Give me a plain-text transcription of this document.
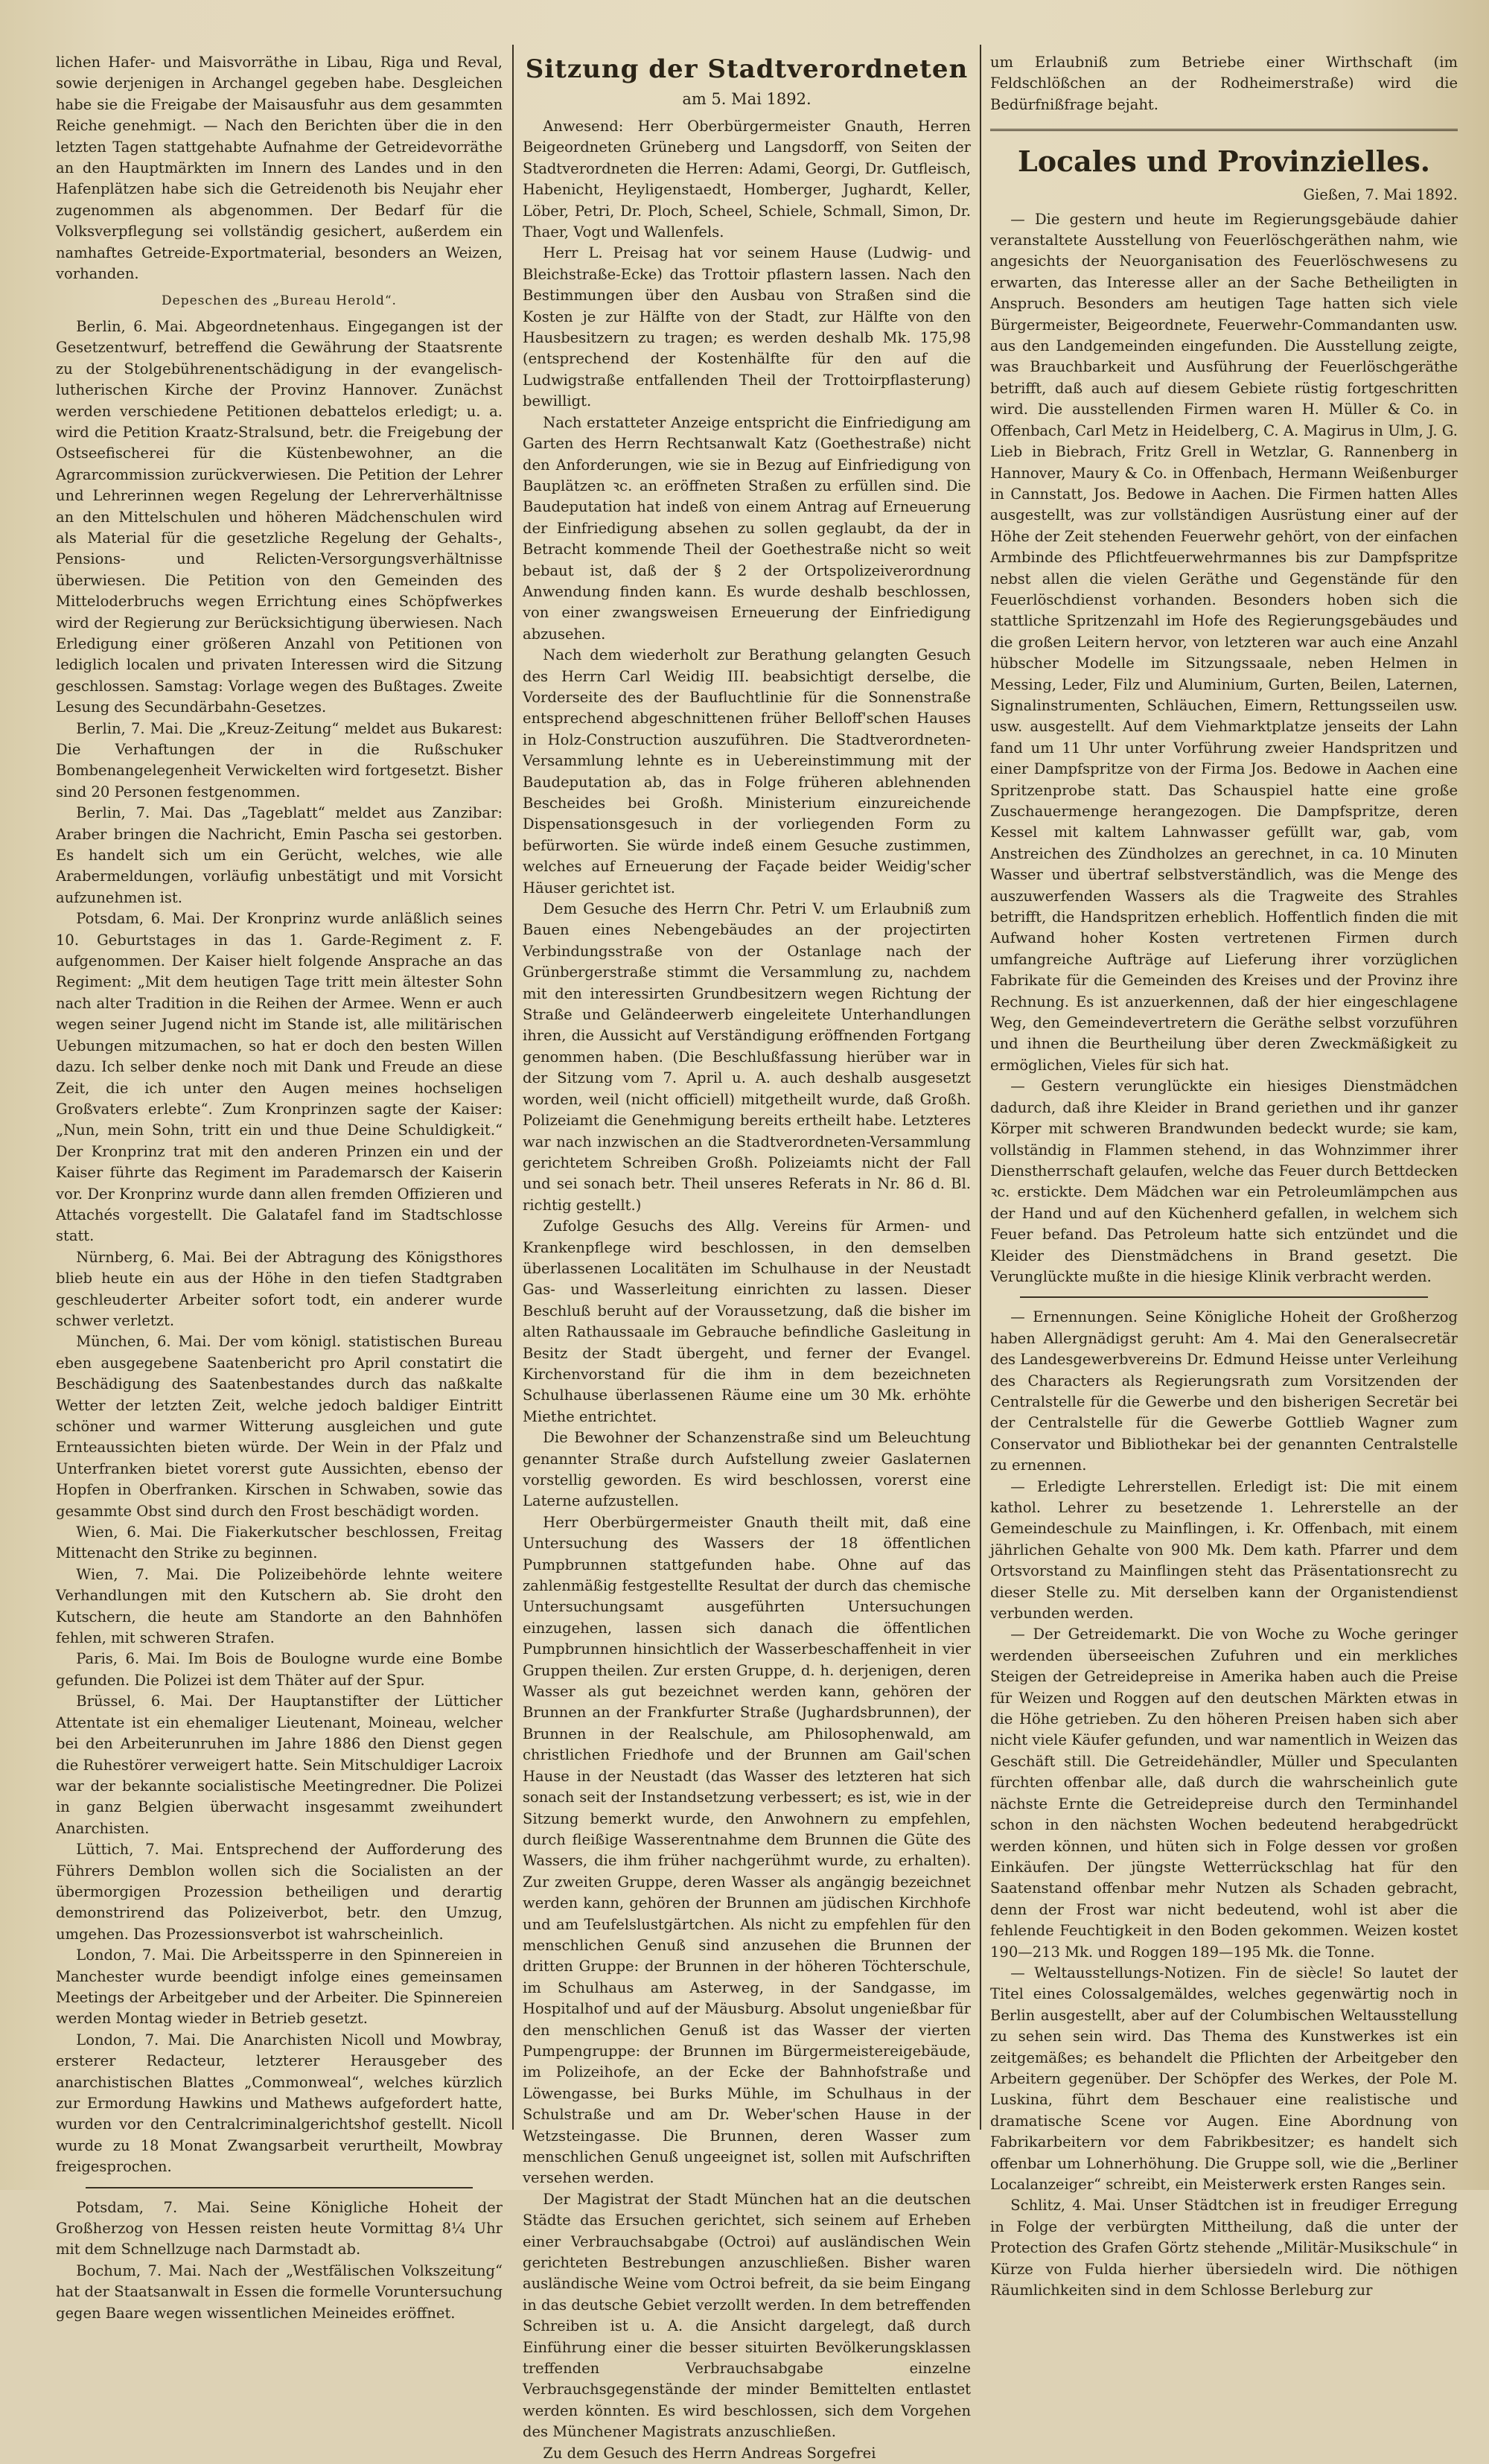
lichen Hafer- und Maisvorräthe in Libau, Riga und Reval, sowie derjenigen in Archangel gegeben habe. Desgleichen habe sie die Freigabe der Maisausfuhr aus dem gesammten Reiche genehmigt. — Nach den Berichten über die in den letzten Tagen stattgehabte Aufnahme der Getreidevorräthe an den Hauptmärkten im Innern des Landes und in den Hafenplätzen habe sich die Getreidenoth bis Neujahr eher zugenommen als abgenommen. Der Bedarf für die Volksverpflegung sei vollständig gesichert, außerdem ein namhaftes Getreide-Exportmaterial, besonders an Weizen, vorhanden.

Depeschen des „Bureau Herold“.

Berlin, 6. Mai. Abgeordnetenhaus. Eingegangen ist der Gesetzentwurf, betreffend die Gewährung der Staatsrente zu der Stolgebührenentschädigung in der evangelisch-lutherischen Kirche der Provinz Hannover. Zunächst werden verschiedene Petitionen debattelos erledigt; u. a. wird die Petition Kraatz-Stralsund, betr. die Freigebung der Ostseefischerei für die Küstenbewohner, an die Agrarcommission zurückverwiesen. Die Petition der Lehrer und Lehrerinnen wegen Regelung der Lehrerverhältnisse an den Mittelschulen und höheren Mädchenschulen wird als Material für die gesetzliche Regelung der Gehalts-, Pensions- und Relicten-Versorgungsverhältnisse überwiesen. Die Petition von den Gemeinden des Mitteloderbruchs wegen Errichtung eines Schöpfwerkes wird der Regierung zur Berücksichtigung überwiesen. Nach Erledigung einer größeren Anzahl von Petitionen von lediglich localen und privaten Interessen wird die Sitzung geschlossen. Samstag: Vorlage wegen des Bußtages. Zweite Lesung des Secundärbahn-Gesetzes.

Berlin, 7. Mai. Die „Kreuz-Zeitung“ meldet aus Bukarest: Die Verhaftungen der in die Rußschuker Bombenangelegenheit Verwickelten wird fortgesetzt. Bisher sind 20 Personen festgenommen.

Berlin, 7. Mai. Das „Tageblatt“ meldet aus Zanzibar: Araber bringen die Nachricht, Emin Pascha sei gestorben. Es handelt sich um ein Gerücht, welches, wie alle Arabermeldungen, vorläufig unbestätigt und mit Vorsicht aufzunehmen ist.

Potsdam, 6. Mai. Der Kronprinz wurde anläßlich seines 10. Geburtstages in das 1. Garde-Regiment z. F. aufgenommen. Der Kaiser hielt folgende Ansprache an das Regiment: „Mit dem heutigen Tage tritt mein ältester Sohn nach alter Tradition in die Reihen der Armee. Wenn er auch wegen seiner Jugend nicht im Stande ist, alle militärischen Uebungen mitzumachen, so hat er doch den besten Willen dazu. Ich selber denke noch mit Dank und Freude an diese Zeit, die ich unter den Augen meines hochseligen Großvaters erlebte“. Zum Kronprinzen sagte der Kaiser: „Nun, mein Sohn, tritt ein und thue Deine Schuldigkeit.“ Der Kronprinz trat mit den anderen Prinzen ein und der Kaiser führte das Regiment im Parademarsch der Kaiserin vor. Der Kronprinz wurde dann allen fremden Offizieren und Attachés vorgestellt. Die Galatafel fand im Stadtschlosse statt.

Nürnberg, 6. Mai. Bei der Abtragung des Königsthores blieb heute ein aus der Höhe in den tiefen Stadtgraben geschleuderter Arbeiter sofort todt, ein anderer wurde schwer verletzt.

München, 6. Mai. Der vom königl. statistischen Bureau eben ausgegebene Saatenbericht pro April constatirt die Beschädigung des Saatenbestandes durch das naßkalte Wetter der letzten Zeit, welche jedoch baldiger Eintritt schöner und warmer Witterung ausgleichen und gute Ernteaussichten bieten würde. Der Wein in der Pfalz und Unterfranken bietet vorerst gute Aussichten, ebenso der Hopfen in Oberfranken. Kirschen in Schwaben, sowie das gesammte Obst sind durch den Frost beschädigt worden.

Wien, 6. Mai. Die Fiakerkutscher beschlossen, Freitag Mittenacht den Strike zu beginnen.

Wien, 7. Mai. Die Polizeibehörde lehnte weitere Verhandlungen mit den Kutschern ab. Sie droht den Kutschern, die heute am Standorte an den Bahnhöfen fehlen, mit schweren Strafen.

Paris, 6. Mai. Im Bois de Boulogne wurde eine Bombe gefunden. Die Polizei ist dem Thäter auf der Spur.

Brüssel, 6. Mai. Der Hauptanstifter der Lütticher Attentate ist ein ehemaliger Lieutenant, Moineau, welcher bei den Arbeiterunruhen im Jahre 1886 den Dienst gegen die Ruhestörer verweigert hatte. Sein Mitschuldiger Lacroix war der bekannte socialistische Meetingredner. Die Polizei in ganz Belgien überwacht insgesammt zweihundert Anarchisten.

Lüttich, 7. Mai. Entsprechend der Aufforderung des Führers Demblon wollen sich die Socialisten an der übermorgigen Prozession betheiligen und derartig demonstrirend das Polizeiverbot, betr. den Umzug, umgehen. Das Prozessionsverbot ist wahrscheinlich.

London, 7. Mai. Die Arbeitssperre in den Spinnereien in Manchester wurde beendigt infolge eines gemeinsamen Meetings der Arbeitgeber und der Arbeiter. Die Spinnereien werden Montag wieder in Betrieb gesetzt.

London, 7. Mai. Die Anarchisten Nicoll und Mowbray, ersterer Redacteur, letzterer Herausgeber des anarchistischen Blattes „Commonweal“, welches kürzlich zur Ermordung Hawkins und Mathews aufgefordert hatte, wurden vor den Centralcriminalgerichtshof gestellt. Nicoll wurde zu 18 Monat Zwangsarbeit verurtheilt, Mowbray freigesprochen.

Potsdam, 7. Mai. Seine Königliche Hoheit der Großherzog von Hessen reisten heute Vormittag 8¼ Uhr mit dem Schnellzuge nach Darmstadt ab.

Bochum, 7. Mai. Nach der „Westfälischen Volkszeitung“ hat der Staatsanwalt in Essen die formelle Voruntersuchung gegen Baare wegen wissentlichen Meineides eröffnet.

Sitzung der Stadtverordneten
am 5. Mai 1892.

Anwesend: Herr Oberbürgermeister Gnauth, Herren Beigeordneten Grüneberg und Langsdorff, von Seiten der Stadtverordneten die Herren: Adami, Georgi, Dr. Gutfleisch, Habenicht, Heyligenstaedt, Homberger, Jughardt, Keller, Löber, Petri, Dr. Ploch, Scheel, Schiele, Schmall, Simon, Dr. Thaer, Vogt und Wallenfels.

Herr L. Preisag hat vor seinem Hause (Ludwig- und Bleichstraße-Ecke) das Trottoir pflastern lassen. Nach den Bestimmungen über den Ausbau von Straßen sind die Kosten je zur Hälfte von der Stadt, zur Hälfte von den Hausbesitzern zu tragen; es werden deshalb Mk. 175,98 (entsprechend der Kostenhälfte für den auf die Ludwigstraße entfallenden Theil der Trottoirpflasterung) bewilligt.

Nach erstatteter Anzeige entspricht die Einfriedigung am Garten des Herrn Rechtsanwalt Katz (Goethestraße) nicht den Anforderungen, wie sie in Bezug auf Einfriedigung von Bauplätzen ꝛc. an eröffneten Straßen zu erfüllen sind. Die Baudeputation hat indeß von einem Antrag auf Erneuerung der Einfriedigung absehen zu sollen geglaubt, da der in Betracht kommende Theil der Goethestraße nicht so weit bebaut ist, daß der § 2 der Ortspolizeiverordnung Anwendung finden kann. Es wurde deshalb beschlossen, von einer zwangsweisen Erneuerung der Einfriedigung abzusehen.

Nach dem wiederholt zur Berathung gelangten Gesuch des Herrn Carl Weidig III. beabsichtigt derselbe, die Vorderseite des der Baufluchtlinie für die Sonnenstraße entsprechend abgeschnittenen früher Belloff'schen Hauses in Holz-Construction auszuführen. Die Stadtverordneten-Versammlung lehnte es in Uebereinstimmung mit der Baudeputation ab, das in Folge früheren ablehnenden Bescheides bei Großh. Ministerium einzureichende Dispensationsgesuch in der vorliegenden Form zu befürworten. Sie würde indeß einem Gesuche zustimmen, welches auf Erneuerung der Façade beider Weidig'scher Häuser gerichtet ist.

Dem Gesuche des Herrn Chr. Petri V. um Erlaubniß zum Bauen eines Nebengebäudes an der projectirten Verbindungsstraße von der Ostanlage nach der Grünbergerstraße stimmt die Versammlung zu, nachdem mit den interessirten Grundbesitzern wegen Richtung der Straße und Geländeerwerb eingeleitete Unterhandlungen ihren, die Aussicht auf Verständigung eröffnenden Fortgang genommen haben. (Die Beschlußfassung hierüber war in der Sitzung vom 7. April u. A. auch deshalb ausgesetzt worden, weil (nicht officiell) mitgetheilt wurde, daß Großh. Polizeiamt die Genehmigung bereits ertheilt habe. Letzteres war nach inzwischen an die Stadtverordneten-Versammlung gerichtetem Schreiben Großh. Polizeiamts nicht der Fall und sei sonach betr. Theil unseres Referats in Nr. 86 d. Bl. richtig gestellt.)

Zufolge Gesuchs des Allg. Vereins für Armen- und Krankenpflege wird beschlossen, in den demselben überlassenen Localitäten im Schulhause in der Neustadt Gas- und Wasserleitung einrichten zu lassen. Dieser Beschluß beruht auf der Voraussetzung, daß die bisher im alten Rathaussaale im Gebrauche befindliche Gasleitung in Besitz der Stadt übergeht, und ferner der Evangel. Kirchenvorstand für die ihm in dem bezeichneten Schulhause überlassenen Räume eine um 30 Mk. erhöhte Miethe entrichtet.

Die Bewohner der Schanzenstraße sind um Beleuchtung genannter Straße durch Aufstellung zweier Gaslaternen vorstellig geworden. Es wird beschlossen, vorerst eine Laterne aufzustellen.

Herr Oberbürgermeister Gnauth theilt mit, daß eine Untersuchung des Wassers der 18 öffentlichen Pumpbrunnen stattgefunden habe. Ohne auf das zahlenmäßig festgestellte Resultat der durch das chemische Untersuchungsamt ausgeführten Untersuchungen einzugehen, lassen sich danach die öffentlichen Pumpbrunnen hinsichtlich der Wasserbeschaffenheit in vier Gruppen theilen. Zur ersten Gruppe, d. h. derjenigen, deren Wasser als gut bezeichnet werden kann, gehören der Brunnen an der Frankfurter Straße (Jughardsbrunnen), der Brunnen in der Realschule, am Philosophenwald, am christlichen Friedhofe und der Brunnen am Gail'schen Hause in der Neustadt (das Wasser des letzteren hat sich sonach seit der Instandsetzung verbessert; es ist, wie in der Sitzung bemerkt wurde, den Anwohnern zu empfehlen, durch fleißige Wasserentnahme dem Brunnen die Güte des Wassers, die ihm früher nachgerühmt wurde, zu erhalten). Zur zweiten Gruppe, deren Wasser als angängig bezeichnet werden kann, gehören der Brunnen am jüdischen Kirchhofe und am Teufelslustgärtchen. Als nicht zu empfehlen für den menschlichen Genuß sind anzusehen die Brunnen der dritten Gruppe: der Brunnen in der höheren Töchterschule, im Schulhaus am Asterweg, in der Sandgasse, im Hospitalhof und auf der Mäusburg. Absolut ungenießbar für den menschlichen Genuß ist das Wasser der vierten Pumpengruppe: der Brunnen im Bürgermeistereigebäude, im Polizeihofe, an der Ecke der Bahnhofstraße und Löwengasse, bei Burks Mühle, im Schulhaus in der Schulstraße und am Dr. Weber'schen Hause in der Wetzsteingasse. Die Brunnen, deren Wasser zum menschlichen Genuß ungeeignet ist, sollen mit Aufschriften versehen werden.

Der Magistrat der Stadt München hat an die deutschen Städte das Ersuchen gerichtet, sich seinem auf Erheben einer Verbrauchsabgabe (Octroi) auf ausländischen Wein gerichteten Bestrebungen anzuschließen. Bisher waren ausländische Weine vom Octroi befreit, da sie beim Eingang in das deutsche Gebiet verzollt werden. In dem betreffenden Schreiben ist u. A. die Ansicht dargelegt, daß durch Einführung einer die besser situirten Bevölkerungsklassen treffenden Verbrauchsabgabe einzelne Verbrauchsgegenstände der minder Bemittelten entlastet werden könnten. Es wird beschlossen, sich dem Vorgehen des Münchener Magistrats anzuschließen.

Zu dem Gesuch des Herrn Andreas Sorgefrei

um Erlaubniß zum Betriebe einer Wirthschaft (im Feldschlößchen an der Rodheimerstraße) wird die Bedürfnißfrage bejaht.

Locales und Provinzielles.
Gießen, 7. Mai 1892.

— Die gestern und heute im Regierungsgebäude dahier veranstaltete Ausstellung von Feuerlöschgeräthen nahm, wie angesichts der Neuorganisation des Feuerlöschwesens zu erwarten, das Interesse aller an der Sache Betheiligten in Anspruch. Besonders am heutigen Tage hatten sich viele Bürgermeister, Beigeordnete, Feuerwehr-Commandanten usw. aus den Landgemeinden eingefunden. Die Ausstellung zeigte, was Brauchbarkeit und Ausführung der Feuerlöschgeräthe betrifft, daß auch auf diesem Gebiete rüstig fortgeschritten wird. Die ausstellenden Firmen waren H. Müller & Co. in Offenbach, Carl Metz in Heidelberg, C. A. Magirus in Ulm, J. G. Lieb in Biebrach, Fritz Grell in Wetzlar, G. Rannenberg in Hannover, Maury & Co. in Offenbach, Hermann Weißenburger in Cannstatt, Jos. Bedowe in Aachen. Die Firmen hatten Alles ausgestellt, was zur vollständigen Ausrüstung einer auf der Höhe der Zeit stehenden Feuerwehr gehört, von der einfachen Armbinde des Pflichtfeuerwehrmannes bis zur Dampfspritze nebst allen die vielen Geräthe und Gegenstände für den Feuerlöschdienst vorhanden. Besonders hoben sich die stattliche Spritzenzahl im Hofe des Regierungsgebäudes und die großen Leitern hervor, von letzteren war auch eine Anzahl hübscher Modelle im Sitzungssaale, neben Helmen in Messing, Leder, Filz und Aluminium, Gurten, Beilen, Laternen, Signalinstrumenten, Schläuchen, Eimern, Rettungsseilen usw. usw. ausgestellt. Auf dem Viehmarktplatze jenseits der Lahn fand um 11 Uhr unter Vorführung zweier Handspritzen und einer Dampfspritze von der Firma Jos. Bedowe in Aachen eine Spritzenprobe statt. Das Schauspiel hatte eine große Zuschauermenge herangezogen. Die Dampfspritze, deren Kessel mit kaltem Lahnwasser gefüllt war, gab, vom Anstreichen des Zündholzes an gerechnet, in ca. 10 Minuten Wasser und übertraf selbstverständlich, was die Menge des auszuwerfenden Wassers als die Tragweite des Strahles betrifft, die Handspritzen erheblich. Hoffentlich finden die mit Aufwand hoher Kosten vertretenen Firmen durch umfangreiche Aufträge auf Lieferung ihrer vorzüglichen Fabrikate für die Gemeinden des Kreises und der Provinz ihre Rechnung. Es ist anzuerkennen, daß der hier eingeschlagene Weg, den Gemeindevertretern die Geräthe selbst vorzuführen und ihnen die Beurtheilung über deren Zweckmäßigkeit zu ermöglichen, Vieles für sich hat.

— Gestern verunglückte ein hiesiges Dienstmädchen dadurch, daß ihre Kleider in Brand geriethen und ihr ganzer Körper mit schweren Brandwunden bedeckt wurde; sie kam, vollständig in Flammen stehend, in das Wohnzimmer ihrer Dienstherrschaft gelaufen, welche das Feuer durch Bettdecken ꝛc. erstickte. Dem Mädchen war ein Petroleumlämpchen aus der Hand und auf den Küchenherd gefallen, in welchem sich Feuer befand. Das Petroleum hatte sich entzündet und die Kleider des Dienstmädchens in Brand gesetzt. Die Verunglückte mußte in die hiesige Klinik verbracht werden.

— Ernennungen. Seine Königliche Hoheit der Großherzog haben Allergnädigst geruht: Am 4. Mai den Generalsecretär des Landesgewerbvereins Dr. Edmund Heisse unter Verleihung des Characters als Regierungsrath zum Vorsitzenden der Centralstelle für die Gewerbe und den bisherigen Secretär bei der Centralstelle für die Gewerbe Gottlieb Wagner zum Conservator und Bibliothekar bei der genannten Centralstelle zu ernennen.

— Erledigte Lehrerstellen. Erledigt ist: Die mit einem kathol. Lehrer zu besetzende 1. Lehrerstelle an der Gemeindeschule zu Mainflingen, i. Kr. Offenbach, mit einem jährlichen Gehalte von 900 Mk. Dem kath. Pfarrer und dem Ortsvorstand zu Mainflingen steht das Präsentationsrecht zu dieser Stelle zu. Mit derselben kann der Organistendienst verbunden werden.

— Der Getreidemarkt. Die von Woche zu Woche geringer werdenden überseeischen Zufuhren und ein merkliches Steigen der Getreidepreise in Amerika haben auch die Preise für Weizen und Roggen auf den deutschen Märkten etwas in die Höhe getrieben. Zu den höheren Preisen haben sich aber nicht viele Käufer gefunden, und war namentlich in Weizen das Geschäft still. Die Getreidehändler, Müller und Speculanten fürchten offenbar alle, daß durch die wahrscheinlich gute nächste Ernte die Getreidepreise durch den Terminhandel schon in den nächsten Wochen bedeutend herabgedrückt werden können, und hüten sich in Folge dessen vor großen Einkäufen. Der jüngste Wetterrückschlag hat für den Saatenstand offenbar mehr Nutzen als Schaden gebracht, denn der Frost war nicht bedeutend, wohl ist aber die fehlende Feuchtigkeit in den Boden gekommen. Weizen kostet 190—213 Mk. und Roggen 189—195 Mk. die Tonne.

— Weltausstellungs-Notizen. Fin de siècle! So lautet der Titel eines Colossalgemäldes, welches gegenwärtig noch in Berlin ausgestellt, aber auf der Columbischen Weltausstellung zu sehen sein wird. Das Thema des Kunstwerkes ist ein zeitgemäßes; es behandelt die Pflichten der Arbeitgeber den Arbeitern gegenüber. Der Schöpfer des Werkes, der Pole M. Luskina, führt dem Beschauer eine realistische und dramatische Scene vor Augen. Eine Abordnung von Fabrikarbeitern vor dem Fabrikbesitzer; es handelt sich offenbar um Lohnerhöhung. Die Gruppe soll, wie die „Berliner Localanzeiger“ schreibt, ein Meisterwerk ersten Ranges sein.

Schlitz, 4. Mai. Unser Städtchen ist in freudiger Erregung in Folge der verbürgten Mittheilung, daß die unter der Protection des Grafen Görtz stehende „Militär-Musikschule“ in Kürze von Fulda hierher übersiedeln wird. Die nöthigen Räumlichkeiten sind in dem Schlosse Berleburg zur
